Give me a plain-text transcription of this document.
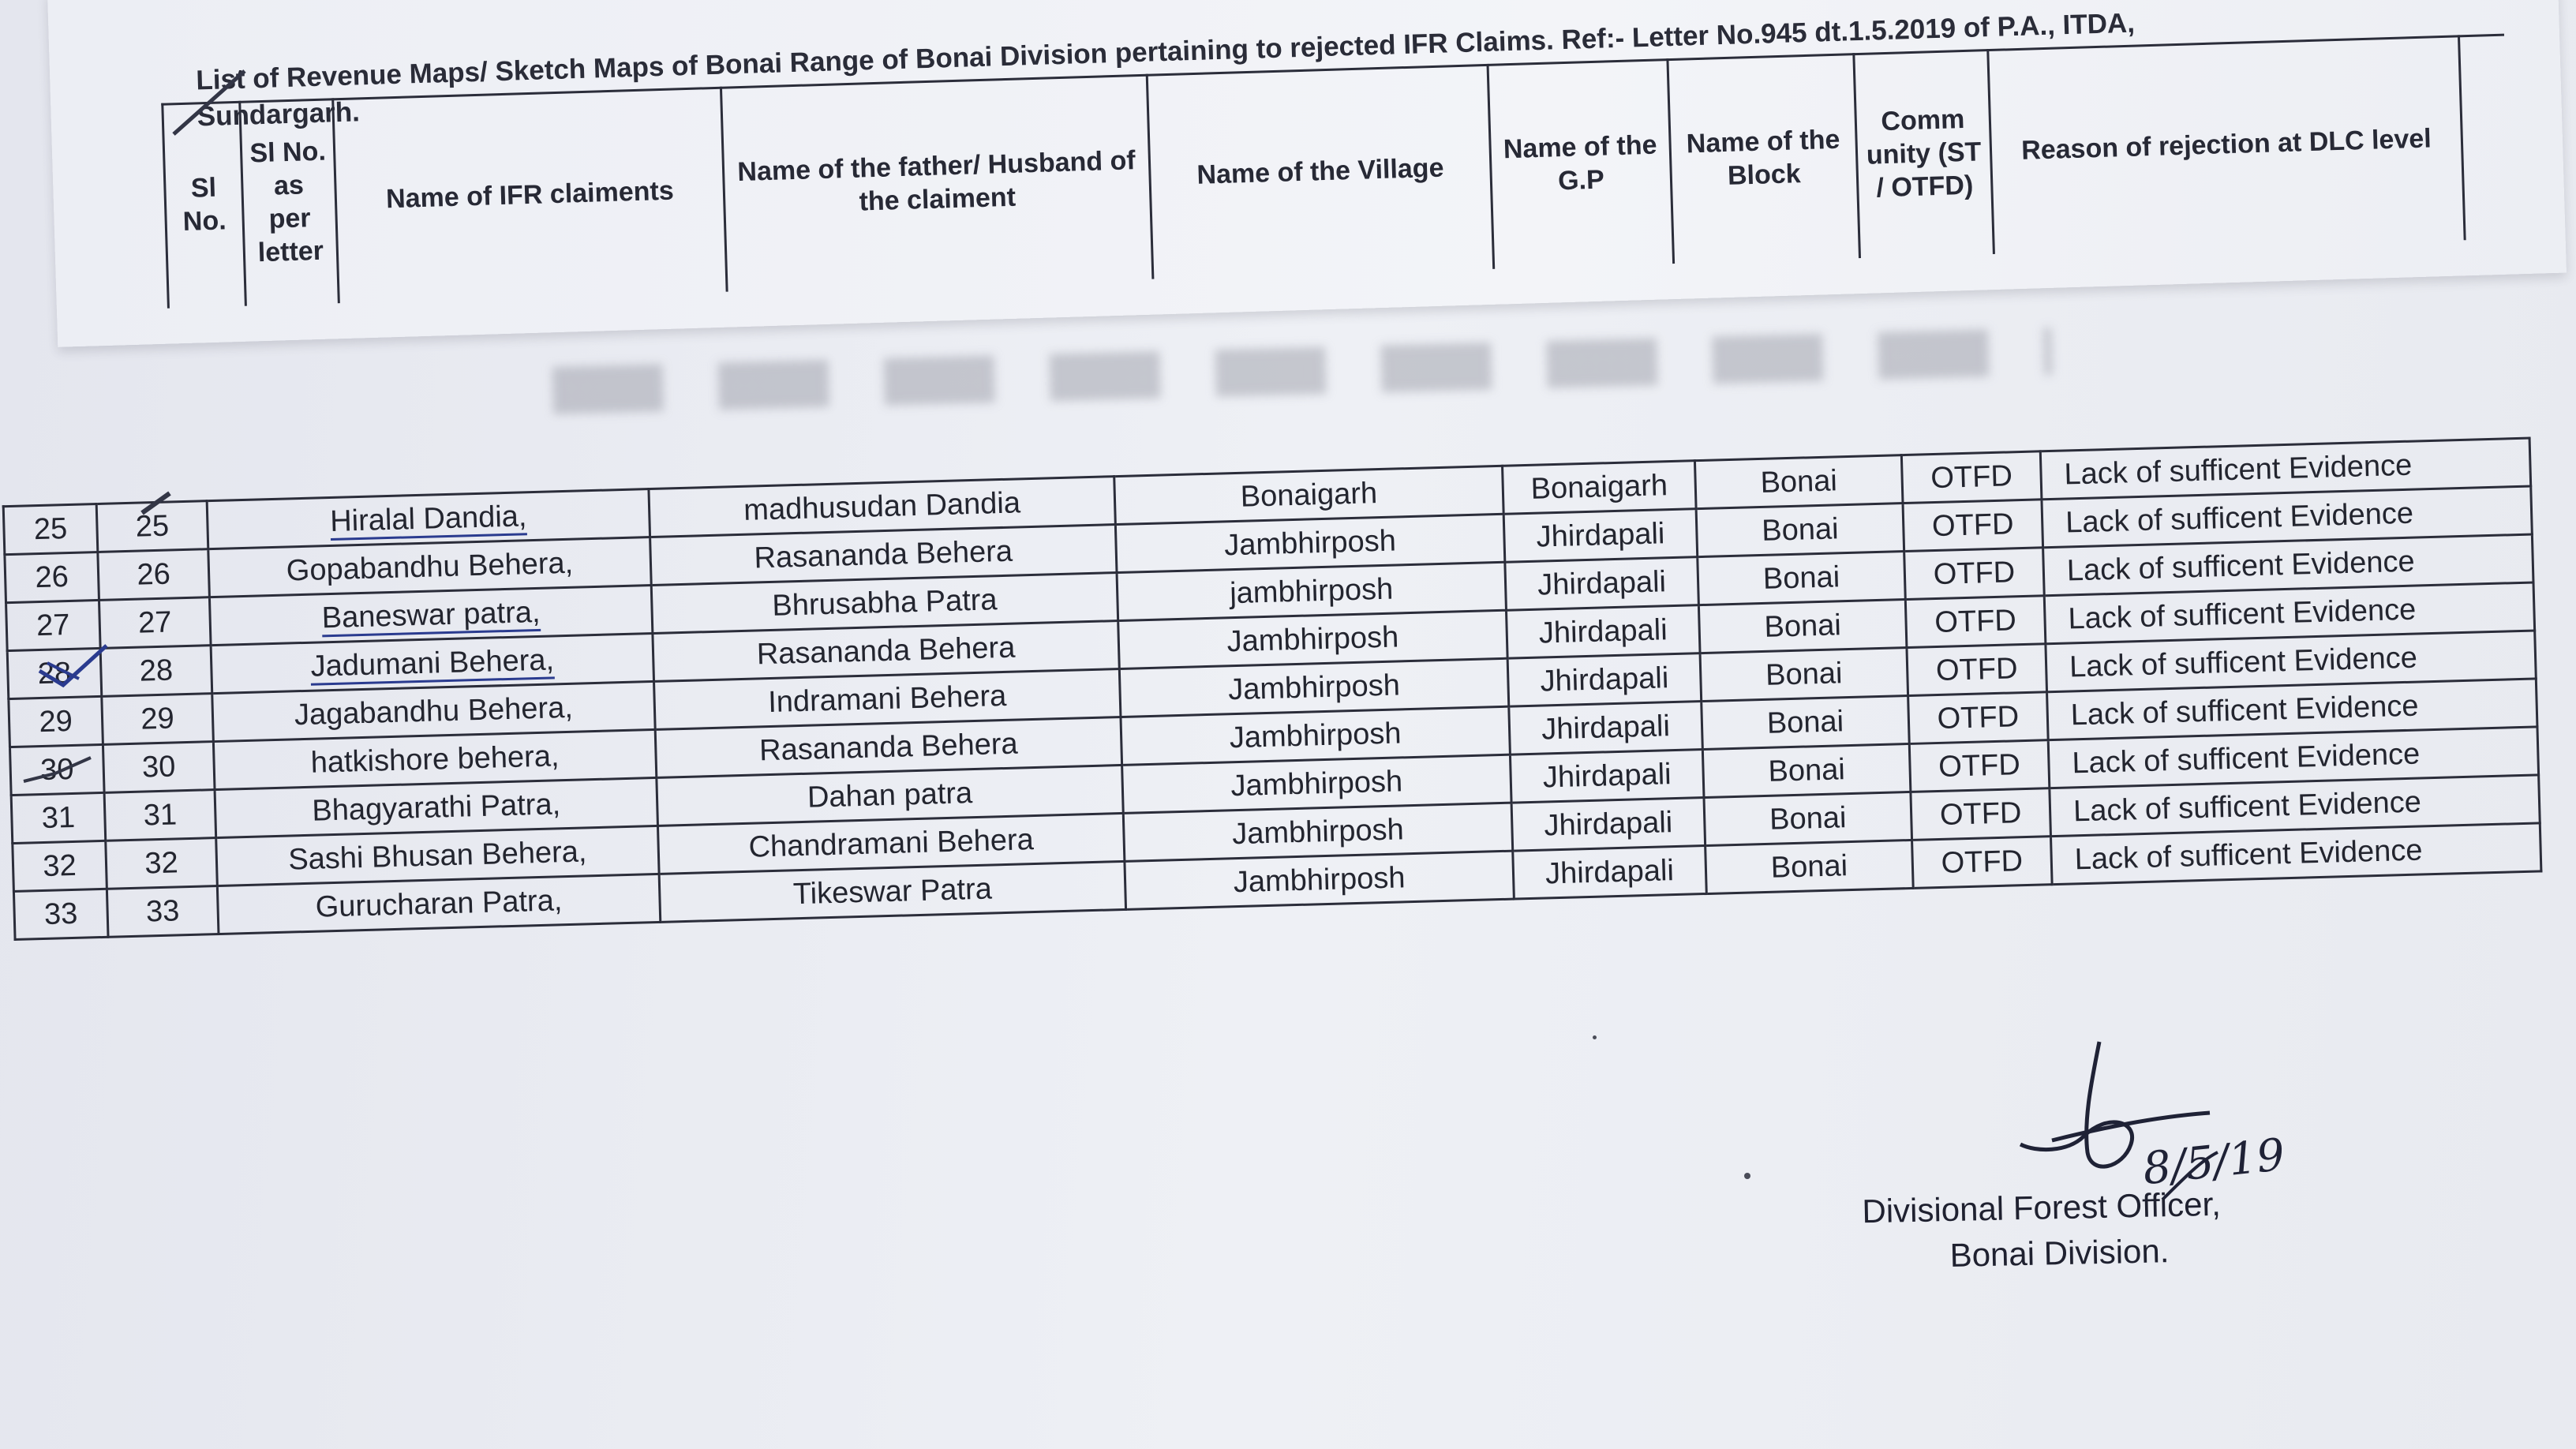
List of Revenue Maps/ Sketch Maps of Bonai Range of Bonai Division pertaining to rejected IFR Claims. Ref:- Letter No.945 dt.1.5.2019 of P.A., ITDA,
Sundargarh.
Sl No.
Sl No. as per letter
Name of IFR claiments
Name of the father/ Husband of the claiment
Name of the Village
Name of the G.P
Name of the Block
Comm unity (ST / OTFD)
Reason of rejection at DLC level
25	25	Hiralal Dandia,	madhusudan Dandia	Bonaigarh	Bonaigarh	Bonai	OTFD	Lack of sufficent Evidence
26	26	Gopabandhu Behera,	Rasananda Behera	Jambhirposh	Jhirdapali	Bonai	OTFD	Lack of sufficent Evidence
27	27	Baneswar patra,	Bhrusabha Patra	jambhirposh	Jhirdapali	Bonai	OTFD	Lack of sufficent Evidence
28	28	Jadumani Behera,	Rasananda Behera	Jambhirposh	Jhirdapali	Bonai	OTFD	Lack of sufficent Evidence
29	29	Jagabandhu Behera,	Indramani Behera	Jambhirposh	Jhirdapali	Bonai	OTFD	Lack of sufficent Evidence
30	30	hatkishore behera,	Rasananda Behera	Jambhirposh	Jhirdapali	Bonai	OTFD	Lack of sufficent Evidence
31	31	Bhagyarathi Patra,	Dahan patra	Jambhirposh	Jhirdapali	Bonai	OTFD	Lack of sufficent Evidence
32	32	Sashi Bhusan Behera,	Chandramani Behera	Jambhirposh	Jhirdapali	Bonai	OTFD	Lack of sufficent Evidence
33	33	Gurucharan Patra,	Tikeswar Patra	Jambhirposh	Jhirdapali	Bonai	OTFD	Lack of sufficent Evidence
8/5/19
Divisional Forest Officer,
Bonai Division.
